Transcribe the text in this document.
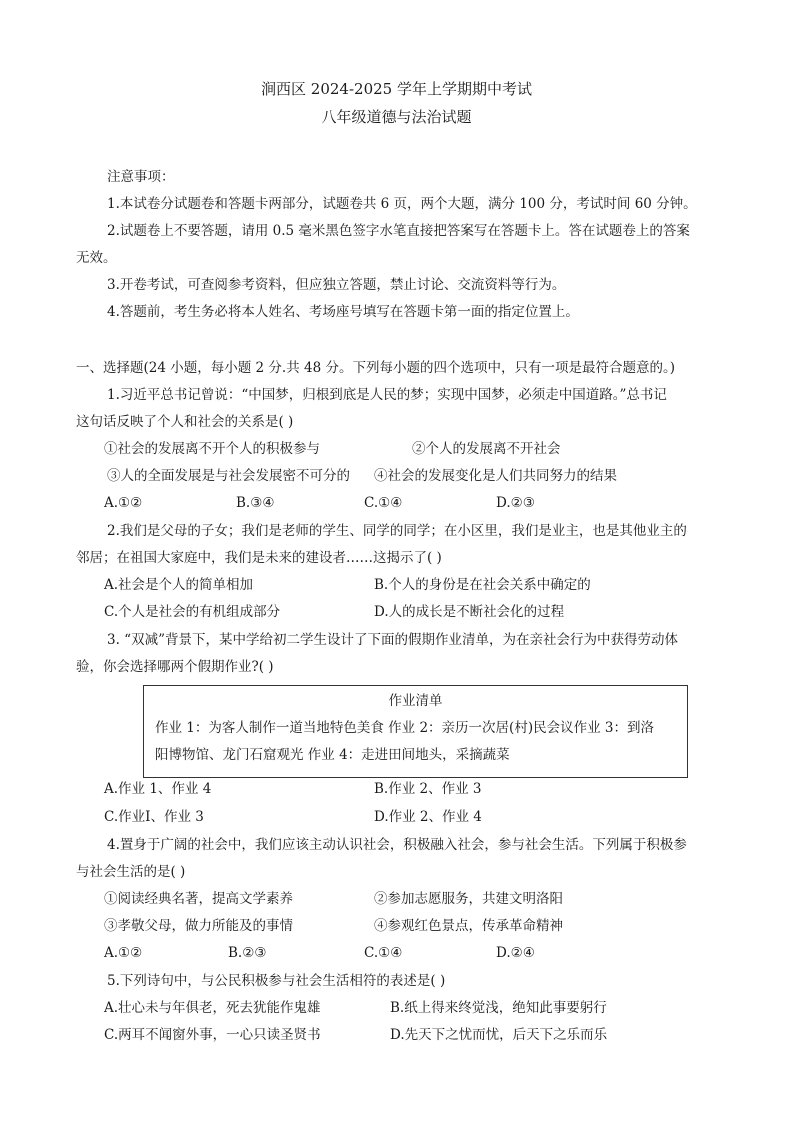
涧西区 2024-2025 学年上学期期中考试
八年级道德与法治试题
注意事项：
1.本试卷分试题卷和答题卡两部分，试题卷共 6 页，两个大题，满分 100 分，考试时间 60 分钟。
2.试题卷上不要答题，请用 0.5 毫米黑色签字水笔直接把答案写在答题卡上。答在试题卷上的答案
无效。
3.开卷考试，可查阅参考资料，但应独立答题，禁止讨论、交流资料等行为。
4.答题前，考生务必将本人姓名、考场座号填写在答题卡第一面的指定位置上。
一、选择题(24 小题，每小题 2 分.共 48 分。下列每小题的四个选项中，只有一项是最符合题意的。)
1.习近平总书记曾说：“中国梦，归根到底是人民的梦；实现中国梦，必须走中国道路。”总书记
这句话反映了个人和社会的关系是( )
①社会的发展离不开个人的积极参与	②个人的发展离不开社会
③人的全面发展是与社会发展密不可分的 ④社会的发展变化是人们共同努力的结果
A.①②	B.③④	C.①④	D.②③
2.我们是父母的子女；我们是老师的学生、同学的同学；在小区里，我们是业主，也是其他业主的
邻居；在祖国大家庭中，我们是未来的建设者……这揭示了( )
A.社会是个人的简单相加	B.个人的身份是在社会关系中确定的
C.个人是社会的有机组成部分	D.人的成长是不断社会化的过程
3. “双减”背景下，某中学给初二学生设计了下面的假期作业清单，为在亲社会行为中获得劳动体
验，你会选择哪两个假期作业?( )
作业清单
作业 1：为客人制作一道当地特色美食 作业 2：亲历一次居(村)民会议作业 3：到洛
阳博物馆、龙门石窟观光 作业 4：走进田间地头，采摘蔬菜
A.作业 1、作业 4	B.作业 2、作业 3
C.作业Ⅰ、作业 3	D.作业 2、作业 4
4.置身于广阔的社会中，我们应该主动认识社会，积极融入社会，参与社会生活。下列属于积极参
与社会生活的是( )
①阅读经典名著，提高文学素养	②参加志愿服务，共建文明洛阳
③孝敬父母，做力所能及的事情	④参观红色景点，传承革命精神
A.①②	B.②③	C.①④	D.②④
5.下列诗句中，与公民积极参与社会生活相符的表述是( )
A.壮心未与年俱老，死去犹能作鬼雄	B.纸上得来终觉浅，绝知此事要躬行
C.两耳不闻窗外事，一心只读圣贤书	D.先天下之忧而忧，后天下之乐而乐
